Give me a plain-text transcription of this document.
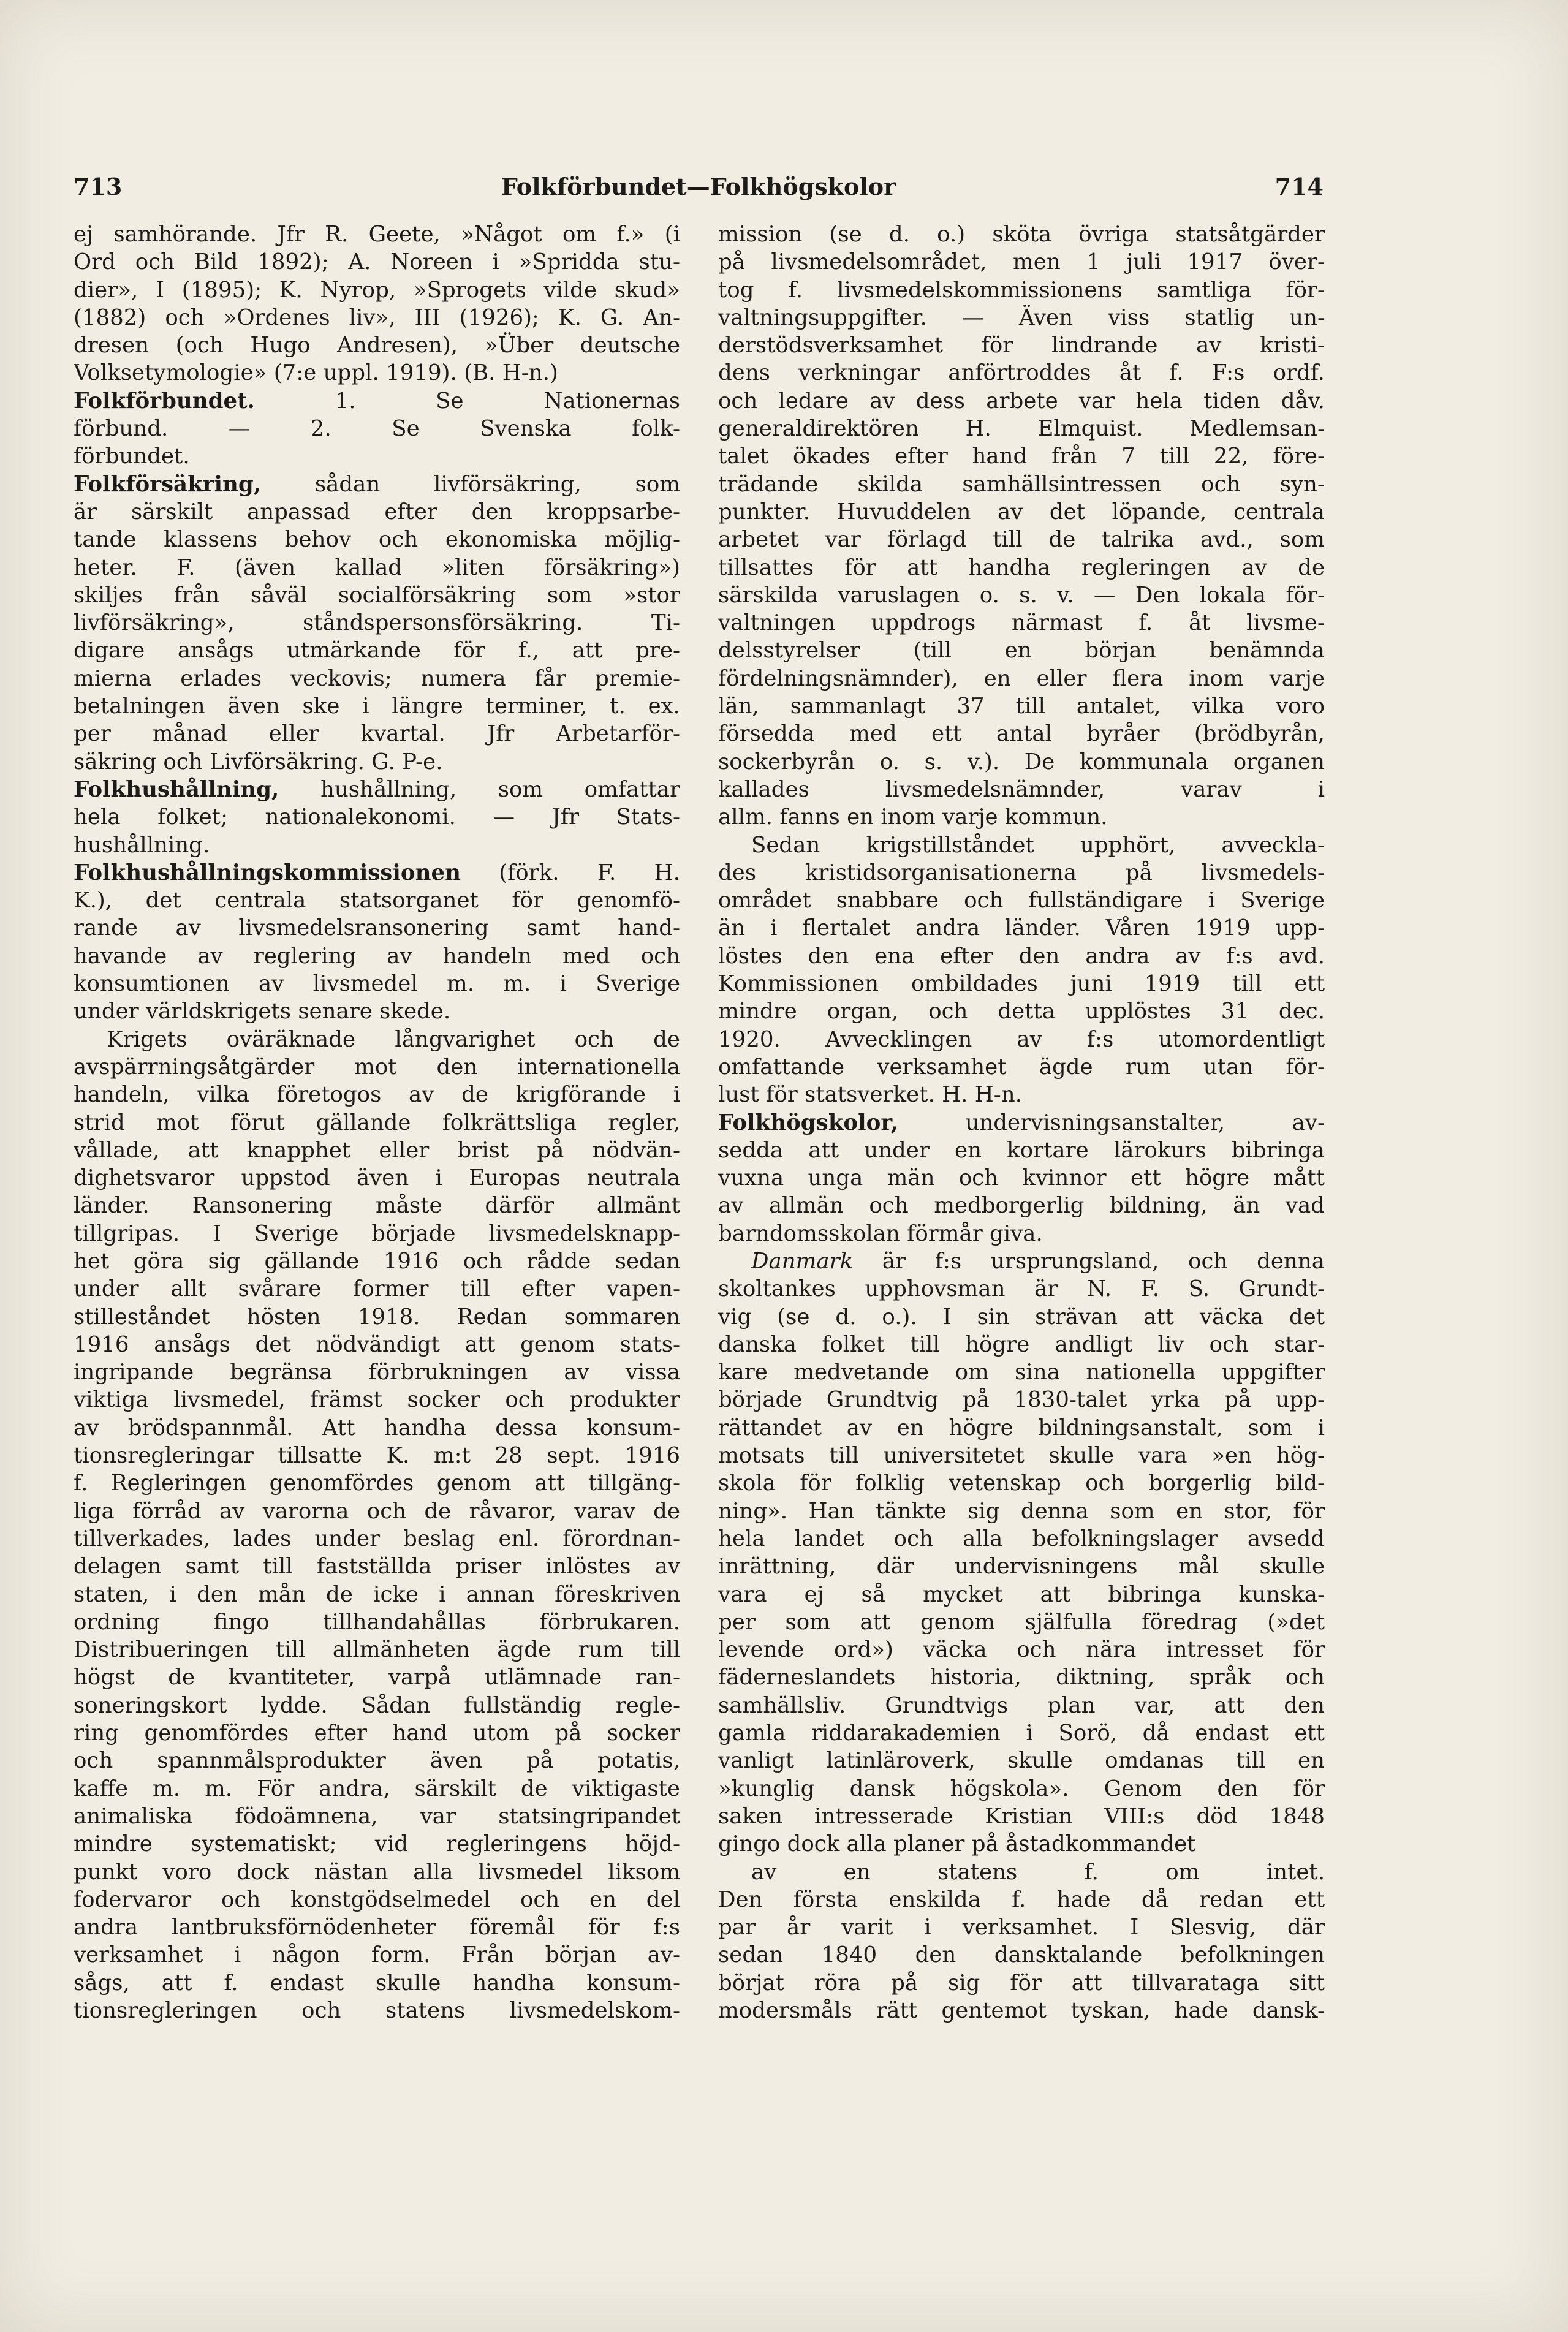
713	Folkförbundet—Folkhögskolor	714
ej samhörande. Jfr R. Geete, »Något om f.» (i
Ord och Bild 1892); A. Noreen i »Spridda stu-
dier», I (1895); K. Nyrop, »Sprogets vilde skud»
(1882) och »Ordenes liv», III (1926); K. G. An-
dresen (och Hugo Andresen), »Über deutsche
Volksetymologie» (7:e uppl. 1919). (B. H-n.)
Folkförbundet. 1. Se Nationernas
förbund. — 2. Se Svenska folk-
förbundet.
Folkförsäkring, sådan livförsäkring, som
är särskilt anpassad efter den kroppsarbe-
tande klassens behov och ekonomiska möjlig-
heter. F. (även kallad »liten försäkring»)
skiljes från såväl socialförsäkring som »stor
livförsäkring», ståndspersonsförsäkring. Ti-
digare ansågs utmärkande för f., att pre-
mierna erlades veckovis; numera får premie-
betalningen även ske i längre terminer, t. ex.
per månad eller kvartal. Jfr Arbetarför-
säkring och Livförsäkring. G. P-e.
Folkhushållning, hushållning, som omfattar
hela folket; nationalekonomi. — Jfr Stats-
hushållning.
Folkhushållningskommissionen (förk. F. H.
K.), det centrala statsorganet för genomfö-
rande av livsmedelsransonering samt hand-
havande av reglering av handeln med och
konsumtionen av livsmedel m. m. i Sverige
under världskrigets senare skede.
Krigets oväräknade långvarighet och de
avspärrningsåtgärder mot den internationella
handeln, vilka företogos av de krigförande i
strid mot förut gällande folkrättsliga regler,
vållade, att knapphet eller brist på nödvän-
dighetsvaror uppstod även i Europas neutrala
länder. Ransonering måste därför allmänt
tillgripas. I Sverige började livsmedelsknapp-
het göra sig gällande 1916 och rådde sedan
under allt svårare former till efter vapen-
stilleståndet hösten 1918. Redan sommaren
1916 ansågs det nödvändigt att genom stats-
ingripande begränsa förbrukningen av vissa
viktiga livsmedel, främst socker och produkter
av brödspannmål. Att handha dessa konsum-
tionsregleringar tillsatte K. m:t 28 sept. 1916
f. Regleringen genomfördes genom att tillgäng-
liga förråd av varorna och de råvaror, varav de
tillverkades, lades under beslag enl. förordnan-
delagen samt till fastställda priser inlöstes av
staten, i den mån de icke i annan föreskriven
ordning fingo tillhandahållas förbrukaren.
Distribueringen till allmänheten ägde rum till
högst de kvantiteter, varpå utlämnade ran-
soneringskort lydde. Sådan fullständig regle-
ring genomfördes efter hand utom på socker
och spannmålsprodukter även på potatis,
kaffe m. m. För andra, särskilt de viktigaste
animaliska födoämnena, var statsingripandet
mindre systematiskt; vid regleringens höjd-
punkt voro dock nästan alla livsmedel liksom
fodervaror och konstgödselmedel och en del
andra lantbruksförnödenheter föremål för f:s
verksamhet i någon form. Från början av-
sågs, att f. endast skulle handha konsum-
tionsregleringen och statens livsmedelskom-
mission (se d. o.) sköta övriga statsåtgärder
på livsmedelsområdet, men 1 juli 1917 över-
tog f. livsmedelskommissionens samtliga för-
valtningsuppgifter. — Även viss statlig un-
derstödsverksamhet för lindrande av kristi-
dens verkningar anförtroddes åt f. F:s ordf.
och ledare av dess arbete var hela tiden dåv.
generaldirektören H. Elmquist. Medlemsan-
talet ökades efter hand från 7 till 22, före-
trädande skilda samhällsintressen och syn-
punkter. Huvuddelen av det löpande, centrala
arbetet var förlagd till de talrika avd., som
tillsattes för att handha regleringen av de
särskilda varuslagen o. s. v. — Den lokala för-
valtningen uppdrogs närmast f. åt livsme-
delsstyrelser (till en början benämnda
fördelningsnämnder), en eller flera inom varje
län, sammanlagt 37 till antalet, vilka voro
försedda med ett antal byråer (brödbyrån,
sockerbyrån o. s. v.). De kommunala organen
kallades livsmedelsnämnder, varav i
allm. fanns en inom varje kommun.
Sedan krigstillståndet upphört, avveckla-
des kristidsorganisationerna på livsmedels-
området snabbare och fullständigare i Sverige
än i flertalet andra länder. Våren 1919 upp-
löstes den ena efter den andra av f:s avd.
Kommissionen ombildades juni 1919 till ett
mindre organ, och detta upplöstes 31 dec.
1920. Avvecklingen av f:s utomordentligt
omfattande verksamhet ägde rum utan för-
lust för statsverket. H. H-n.
Folkhögskolor, undervisningsanstalter, av-
sedda att under en kortare lärokurs bibringa
vuxna unga män och kvinnor ett högre mått
av allmän och medborgerlig bildning, än vad
barndomsskolan förmår giva.
Danmark är f:s ursprungsland, och denna
skoltankes upphovsman är N. F. S. Grundt-
vig (se d. o.). I sin strävan att väcka det
danska folket till högre andligt liv och star-
kare medvetande om sina nationella uppgifter
började Grundtvig på 1830-talet yrka på upp-
rättandet av en högre bildningsanstalt, som i
motsats till universitetet skulle vara »en hög-
skola för folklig vetenskap och borgerlig bild-
ning». Han tänkte sig denna som en stor, för
hela landet och alla befolkningslager avsedd
inrättning, där undervisningens mål skulle
vara ej så mycket att bibringa kunska-
per som att genom själfulla föredrag (»det
levende ord») väcka och nära intresset för
fäderneslandets historia, diktning, språk och
samhällsliv. Grundtvigs plan var, att den
gamla riddarakademien i Sorö, då endast ett
vanligt latinläroverk, skulle omdanas till en
»kunglig dansk högskola». Genom den för
saken intresserade Kristian VIII:s död 1848
gingo dock alla planer på åstadkommandet
av en statens f. om intet.
Den första enskilda f. hade då redan ett
par år varit i verksamhet. I Slesvig, där
sedan 1840 den dansktalande befolkningen
börjat röra på sig för att tillvarataga sitt
modersmåls rätt gentemot tyskan, hade dansk-
